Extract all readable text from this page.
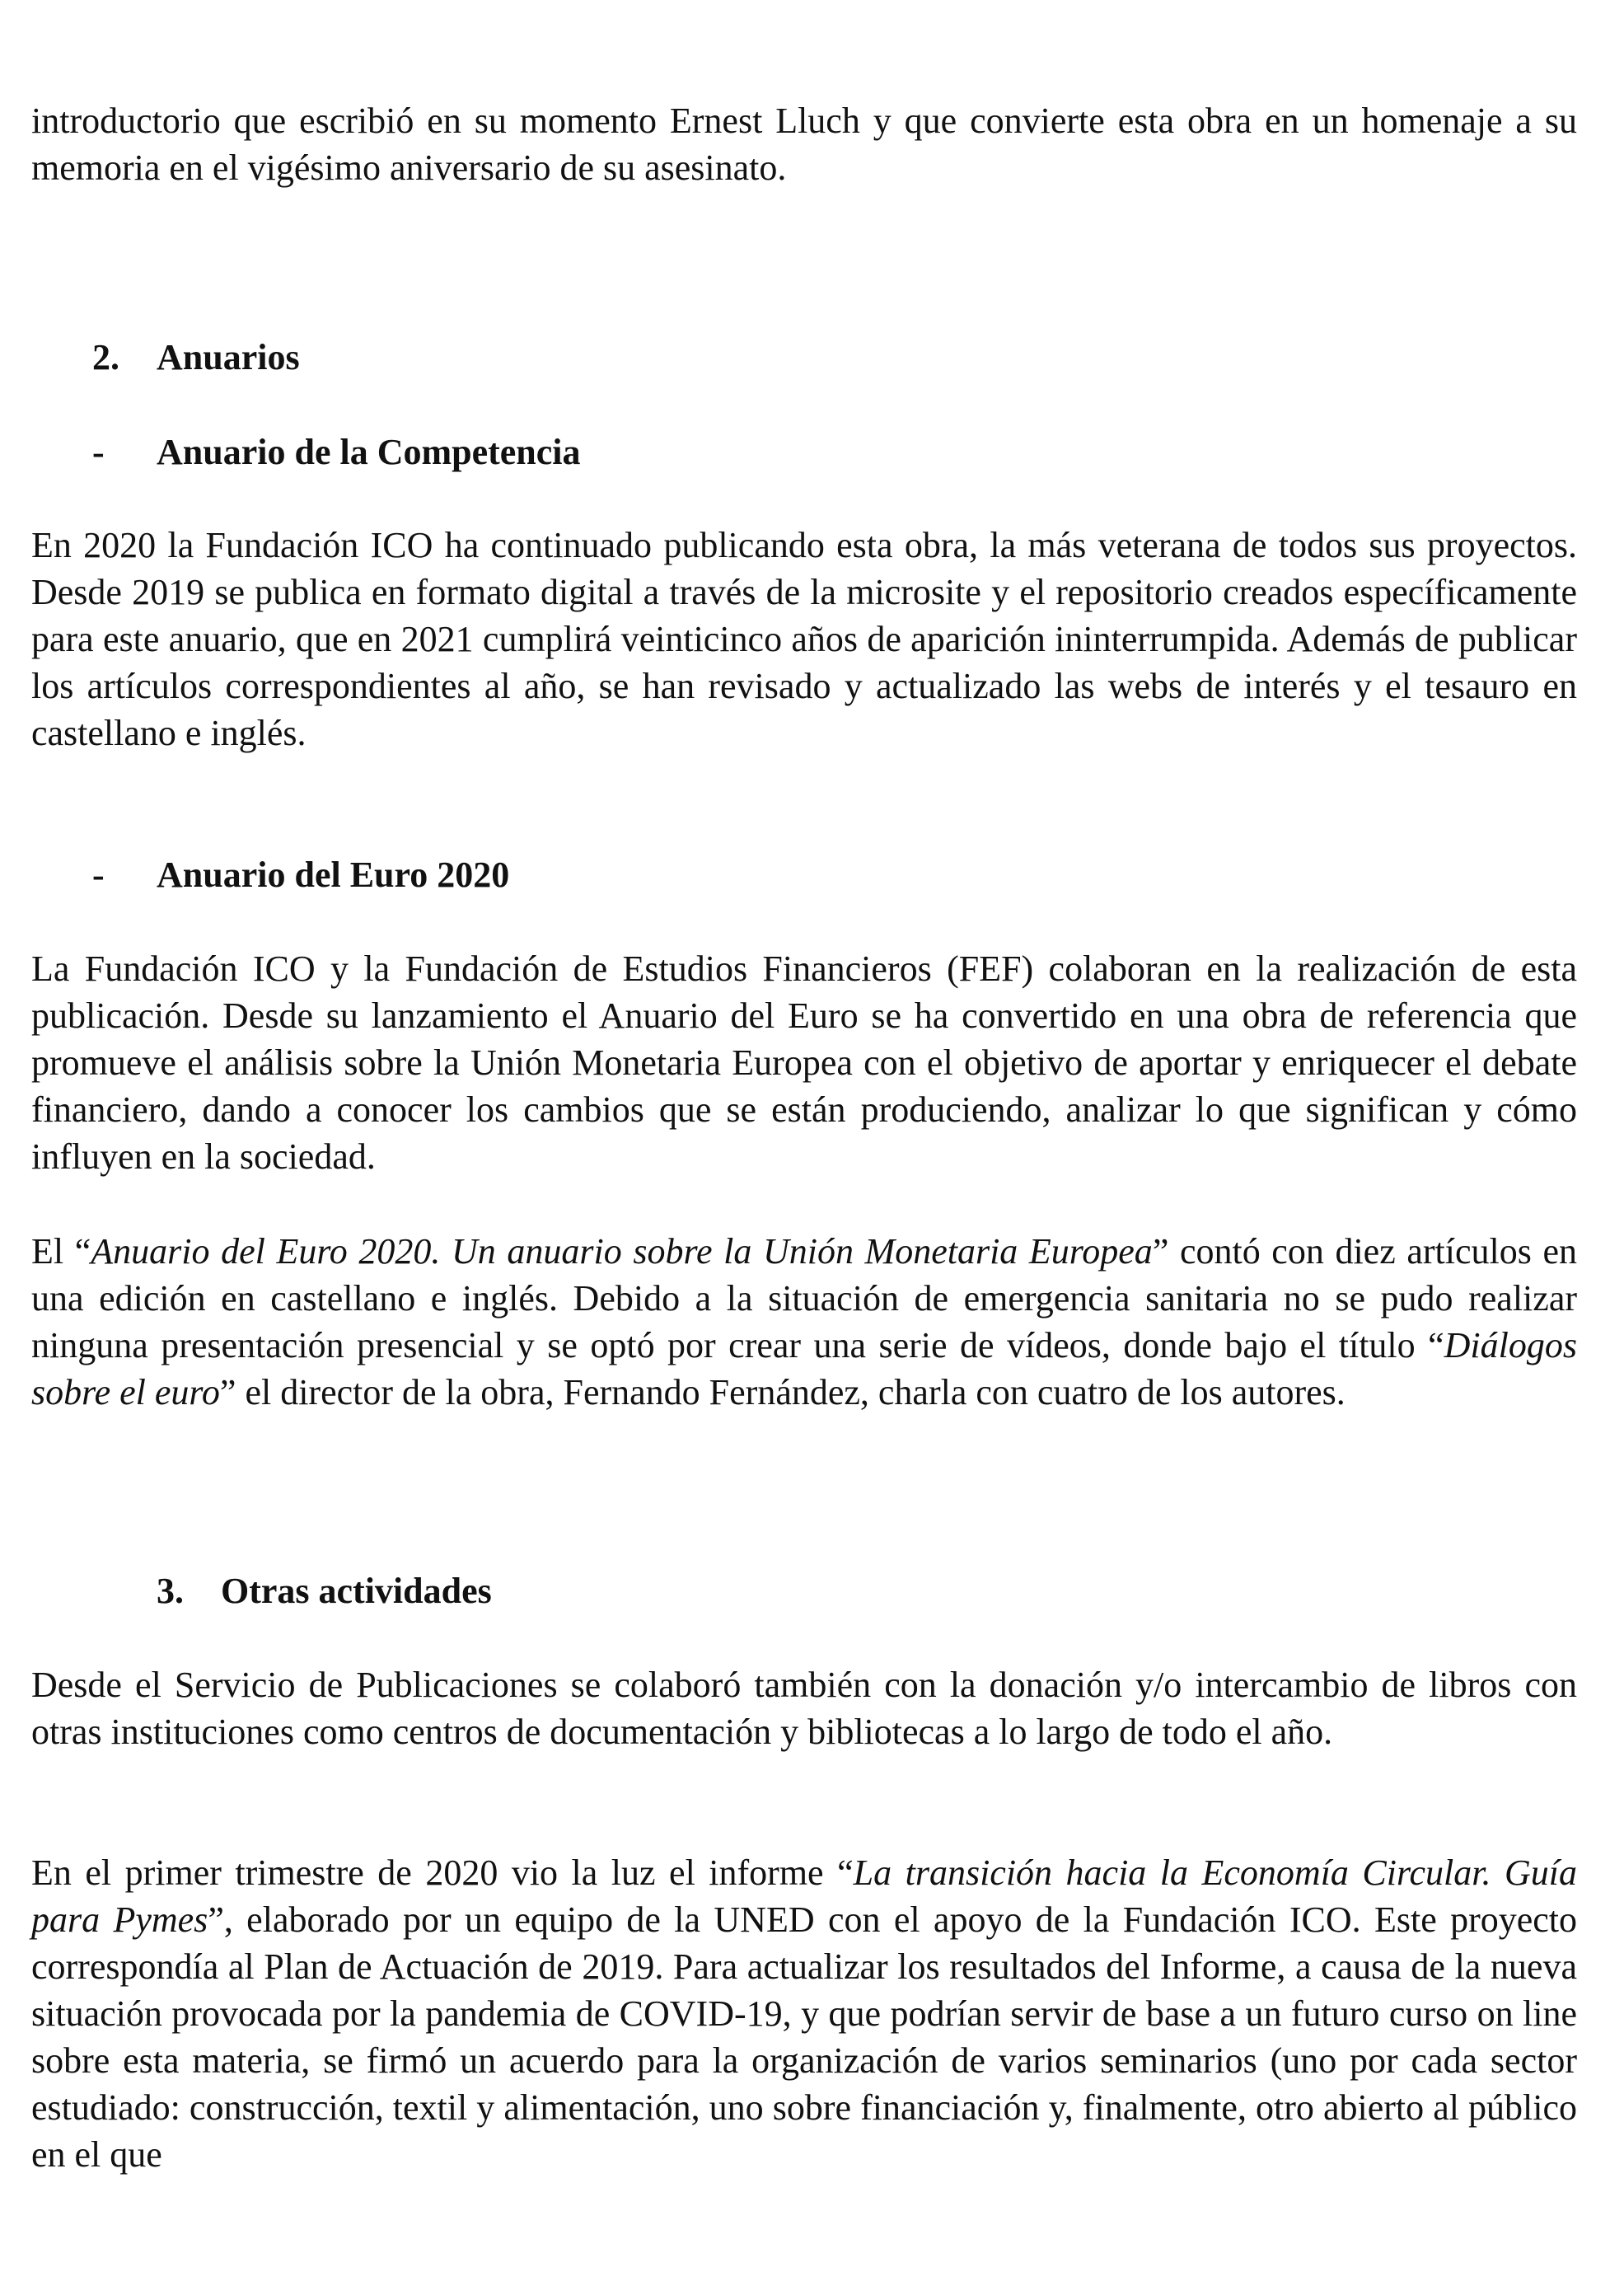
introductorio que escribió en su momento Ernest Lluch y que convierte esta obra en un homenaje a su memoria en el vigésimo aniversario de su asesinato.

2. Anuarios
- Anuario de la Competencia

En 2020 la Fundación ICO ha continuado publicando esta obra, la más veterana de todos sus proyectos. Desde 2019 se publica en formato digital a través de la microsite y el repositorio creados específicamente para este anuario, que en 2021 cumplirá veinticinco años de aparición ininterrumpida. Además de publicar los artículos correspondientes al año, se han revisado y actualizado las webs de interés y el tesauro en castellano e inglés.

- Anuario del Euro 2020

La Fundación ICO y la Fundación de Estudios Financieros (FEF) colaboran en la realización de esta publicación. Desde su lanzamiento el Anuario del Euro se ha convertido en una obra de referencia que promueve el análisis sobre la Unión Monetaria Europea con el objetivo de aportar y enriquecer el debate financiero, dando a conocer los cambios que se están produciendo, analizar lo que significan y cómo influyen en la sociedad.

El “Anuario del Euro 2020. Un anuario sobre la Unión Monetaria Europea” contó con diez artículos en una edición en castellano e inglés. Debido a la situación de emergencia sanitaria no se pudo realizar ninguna presentación presencial y se optó por crear una serie de vídeos, donde bajo el título “Diálogos sobre el euro” el director de la obra, Fernando Fernández, charla con cuatro de los autores.

3. Otras actividades

Desde el Servicio de Publicaciones se colaboró también con la donación y/o intercambio de libros con otras instituciones como centros de documentación y bibliotecas a lo largo de todo el año.

En el primer trimestre de 2020 vio la luz el informe “La transición hacia la Economía Circular. Guía para Pymes”, elaborado por un equipo de la UNED con el apoyo de la Fundación ICO. Este proyecto correspondía al Plan de Actuación de 2019. Para actualizar los resultados del Informe, a causa de la nueva situación provocada por la pandemia de COVID-19, y que podrían servir de base a un futuro curso on line sobre esta materia, se firmó un acuerdo para la organización de varios seminarios (uno por cada sector estudiado: construcción, textil y alimentación, uno sobre financiación y, finalmente, otro abierto al público en el que
